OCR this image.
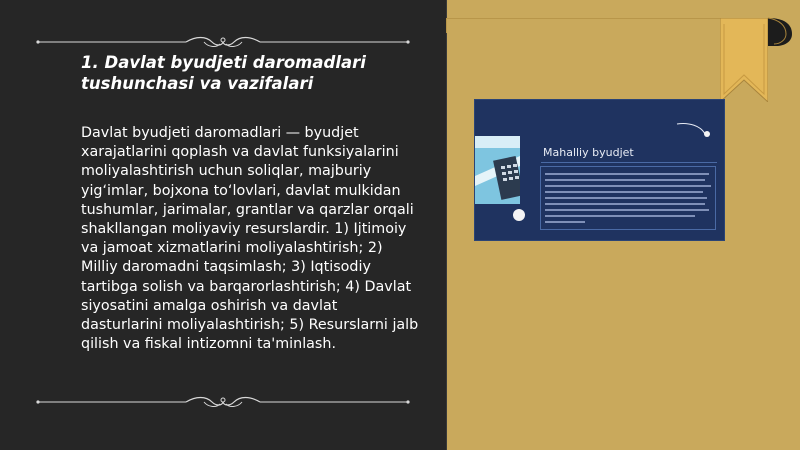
1. Davlat byudjeti daromadlari tushunchasi va vazifalari

Davlat byudjeti daromadlari — byudjet xarajatlarini qoplash va davlat funksiyalarini moliyalashtirish uchun soliqlar, majburiy yig‘imlar, bojxona to‘lovlari, davlat mulkidan tushumlar, jarimalar, grantlar va qarzlar orqali shakllangan moliyaviy resurslardir. 1) Ijtimoiy va jamoat xizmatlarini moliyalashtirish; 2) Milliy daromadni taqsimlash; 3) Iqtisodiy tartibga solish va barqarorlashtirish; 4) Davlat siyosatini amalga oshirish va davlat dasturlarini moliyalashtirish; 5) Resurslarni jalb qilish va fiskal intizomni ta'minlash.

Mahalliy byudjet
